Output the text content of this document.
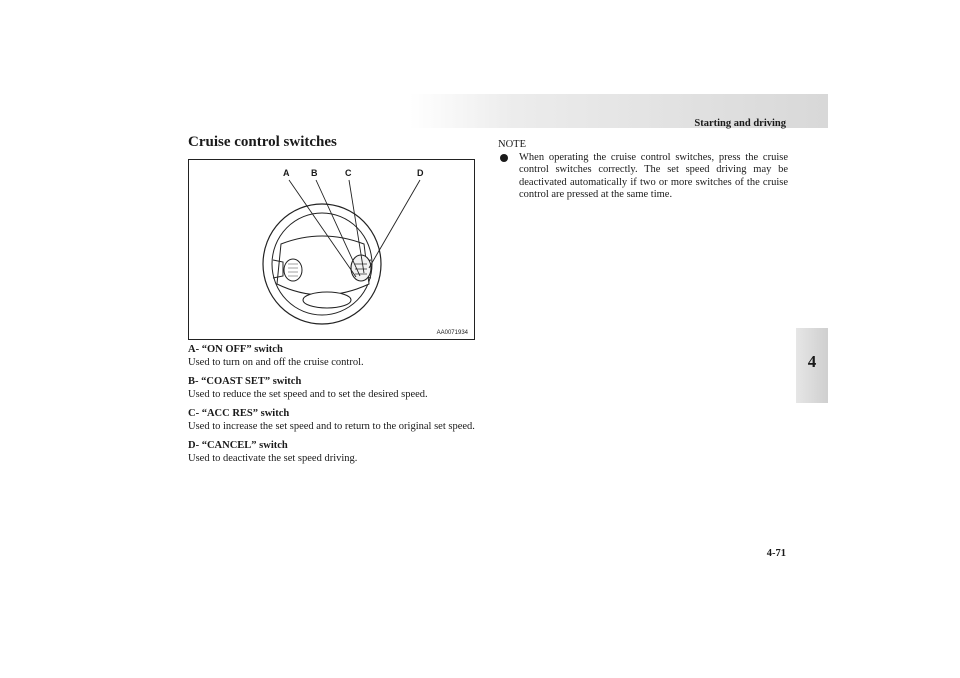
Starting and driving
4
Cruise control switches
A B	C	D
AA0071934
A- “ON OFF” switch
Used to turn on and off the cruise control.
B- “COAST SET” switch
Used to reduce the set speed and to set the desired speed.
C- “ACC RES” switch
Used to increase the set speed and to return to the original set speed.
D- “CANCEL” switch
Used to deactivate the set speed driving.
NOTE
When operating the cruise control switches, press the cruise control switches correctly. The set speed driving may be deactivated automatically if two or more switches of the cruise control are pressed at the same time.
4-71
